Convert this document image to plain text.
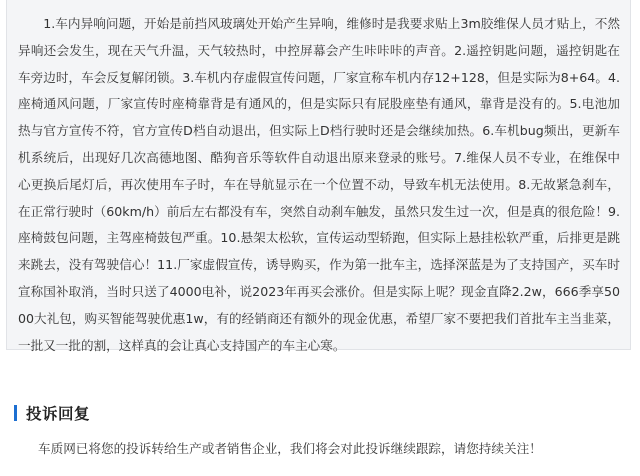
1.车内异响问题，开始是前挡风玻璃处开始产生异响，维修时是我要求贴上3m胶维保人员才贴上，不然异响还会发生，现在天气升温，天气较热时，中控屏幕会产生咔咔咔的声音。2.遥控钥匙问题，遥控钥匙在车旁边时，车会反复解闭锁。3.车机内存虚假宣传问题，厂家宣称车机内存12+128，但是实际为8+64。4.座椅通风问题，厂家宣传时座椅靠背是有通风的，但是实际只有屁股座垫有通风，靠背是没有的。5.电池加热与官方宣传不符，官方宣传D档自动退出，但实际上D档行驶时还是会继续加热。6.车机bug频出，更新车机系统后，出现好几次高德地图、酷狗音乐等软件自动退出原来登录的账号。7.维保人员不专业，在维保中心更换后尾灯后，再次使用车子时，车在导航显示在一个位置不动，导致车机无法使用。8.无故紧急刹车，在正常行驶时（60km/h）前后左右都没有车，突然自动刹车触发，虽然只发生过一次，但是真的很危险！9.座椅鼓包问题，主驾座椅鼓包严重。10.悬架太松软，宣传运动型轿跑，但实际上悬挂松软严重，后排更是跳来跳去，没有驾驶信心！11.厂家虚假宣传，诱导购买，作为第一批车主，选择深蓝是为了支持国产，买车时宣称国补取消，当时只送了4000电补，说2023年再买会涨价。但是实际上呢？现金直降2.2w，666季享5000大礼包，购买智能驾驶优惠1w，有的经销商还有额外的现金优惠，希望厂家不要把我们首批车主当韭菜，一批又一批的割，这样真的会让真心支持国产的车主心寒。

投诉回复

车质网已将您的投诉转给生产或者销售企业，我们将会对此投诉继续跟踪，请您持续关注！
